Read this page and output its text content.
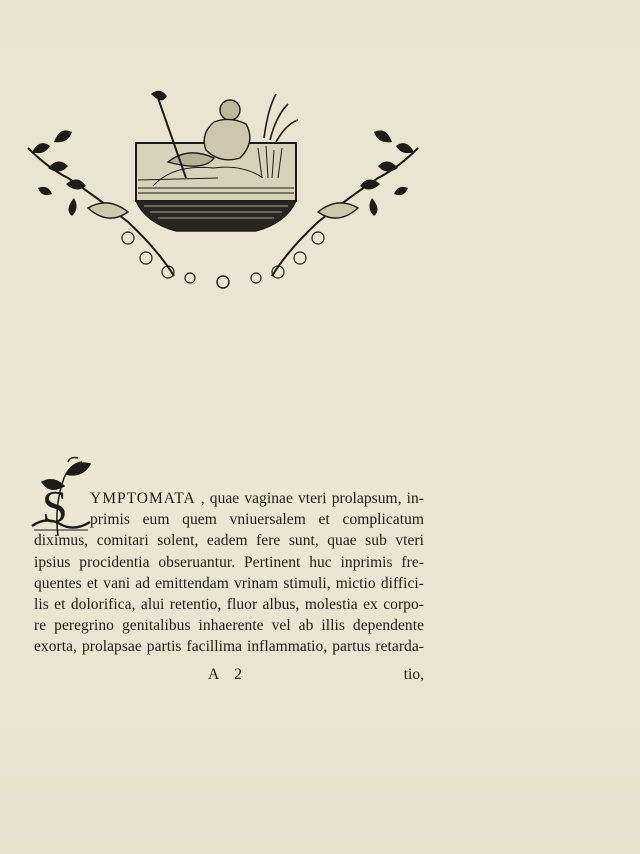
S	YMPTOMATA , quae vaginae vteri prolapsum, in-
primis eum quem vniuersalem et complicatum
diximus, comitari solent, eadem fere sunt, quae sub vteri
ipsius procidentia obseruantur. Pertinent huc inprimis fre-
quentes et vani ad emittendam vrinam stimuli, mictio diffici-
lis et dolorifica, alui retentio, fluor albus, molestia ex corpo-
re peregrino genitalibus inhaerente vel ab illis dependente
exorta, prolapsae partis facillima inflammatio, partus retarda-
A 2	tio,
